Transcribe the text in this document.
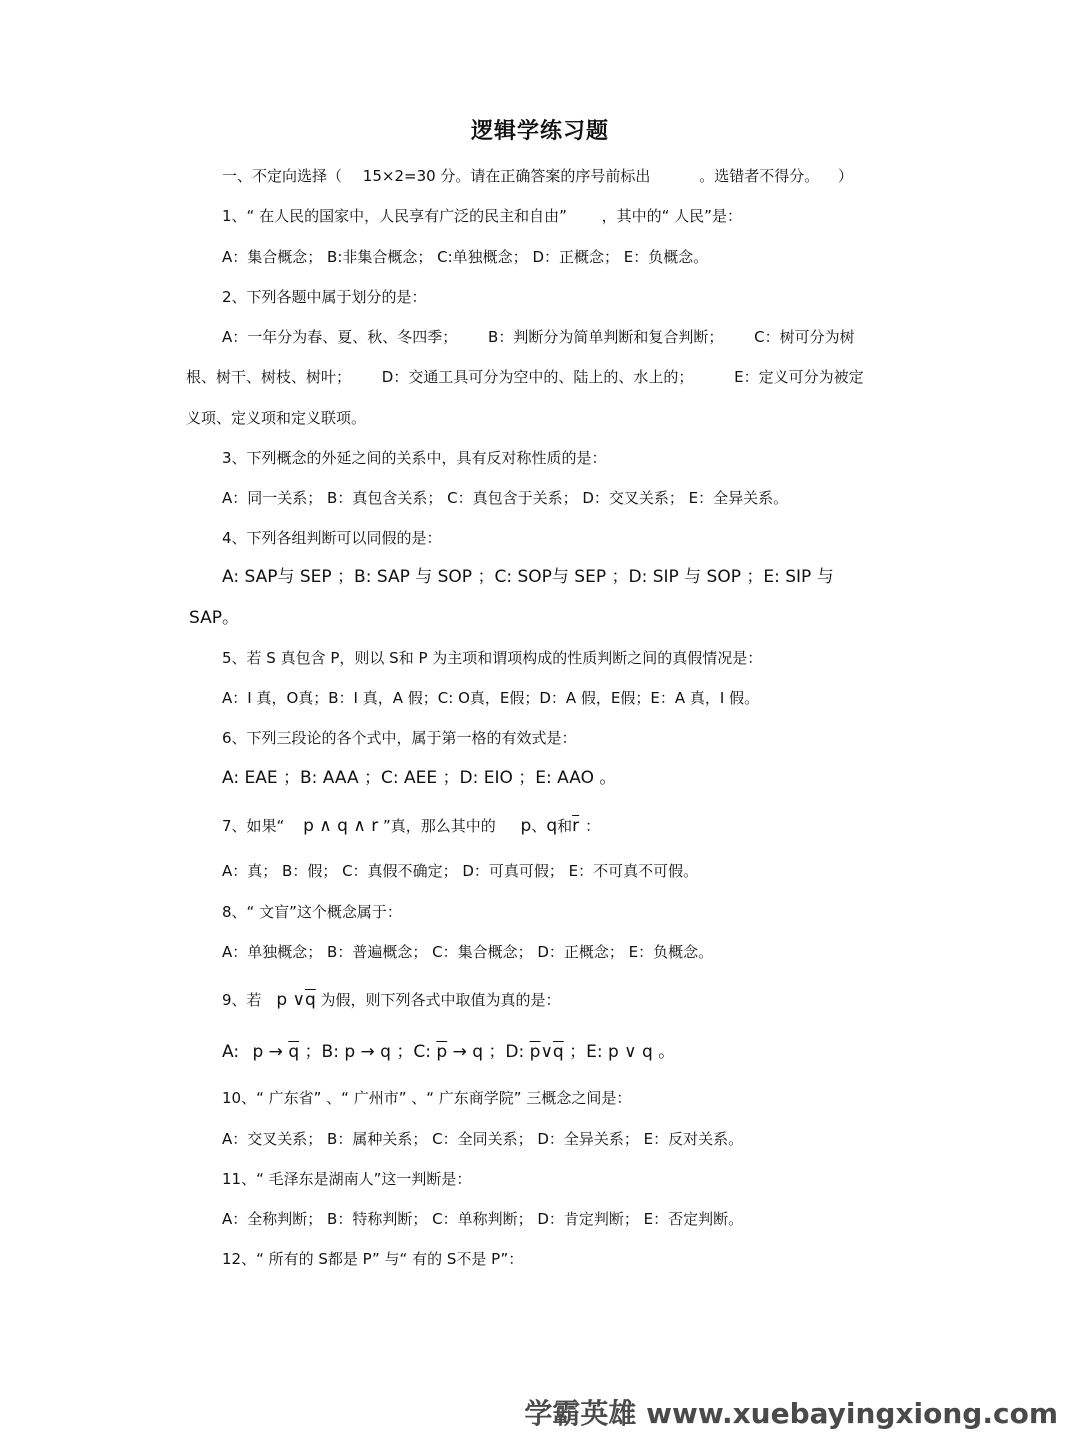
逻辑学练习题
一、不定向选择（ 15×2=30 分。请在正确答案的序号前标出	。选错者不得分。 ）
1、“ 在人民的国家中，人民享有广泛的民主和自由” ，其中的“ 人民”是：
A：集合概念； B:非集合概念； C:单独概念； D：正概念； E：负概念。
2、下列各题中属于划分的是：
A：一年分为春、夏、秋、冬四季； B：判断分为简单判断和复合判断； C：树可分为树
根、树干、树枝、树叶； D：交通工具可分为空中的、陆上的、水上的；	E：定义可分为被定
义项、定义项和定义联项。
3、下列概念的外延之间的关系中，具有反对称性质的是：
A：同一关系； B：真包含关系； C：真包含于关系； D：交叉关系； E：全异关系。
4、下列各组判断可以同假的是：
A: SAP与 SEP ；B: SAP 与 SOP ；C: SOP与 SEP ；D: SIP 与 SOP ；E: SIP 与
SAP。
5、若 S 真包含 P，则以 S和 P 为主项和谓项构成的性质判断之间的真假情况是：
A：I 真，O真；B：I 真，A 假；C: O真，E假；D：A 假，E假；E：A 真，I 假。
6、下列三段论的各个式中，属于第一格的有效式是：
A: EAE ；B: AAA ；C: AEE ；D: EIO ；E: AAO 。
7、如果“ p ∧ q ∧ r ”真，那么其中的 p、q和$\overline{r}$ ：
A：真； B：假； C：真假不确定； D：可真可假； E：不可真不可假。
8、“ 文盲”这个概念属于：
A：单独概念； B：普遍概念； C：集合概念； D：正概念； E：负概念。
9、若 p $\vee\overline{q}$ 为假，则下列各式中取值为真的是：
A: $p \to \overline{q}$ ；B: p → q ；C: $\overline{p} \to q$ ；D: $\overline{p}\vee\overline{q}$ ；E: p ∨ q 。
10、“ 广东省” 、“ 广州市” 、“ 广东商学院” 三概念之间是：
A：交叉关系； B：属种关系； C：全同关系； D：全异关系； E：反对关系。
11、“ 毛泽东是湖南人”这一判断是：
A：全称判断； B：特称判断； C：单称判断； D：肯定判断； E：否定判断。
12、“ 所有的 S都是 P” 与“ 有的 S不是 P”：
学霸英雄 www.xuebayingxiong.com
